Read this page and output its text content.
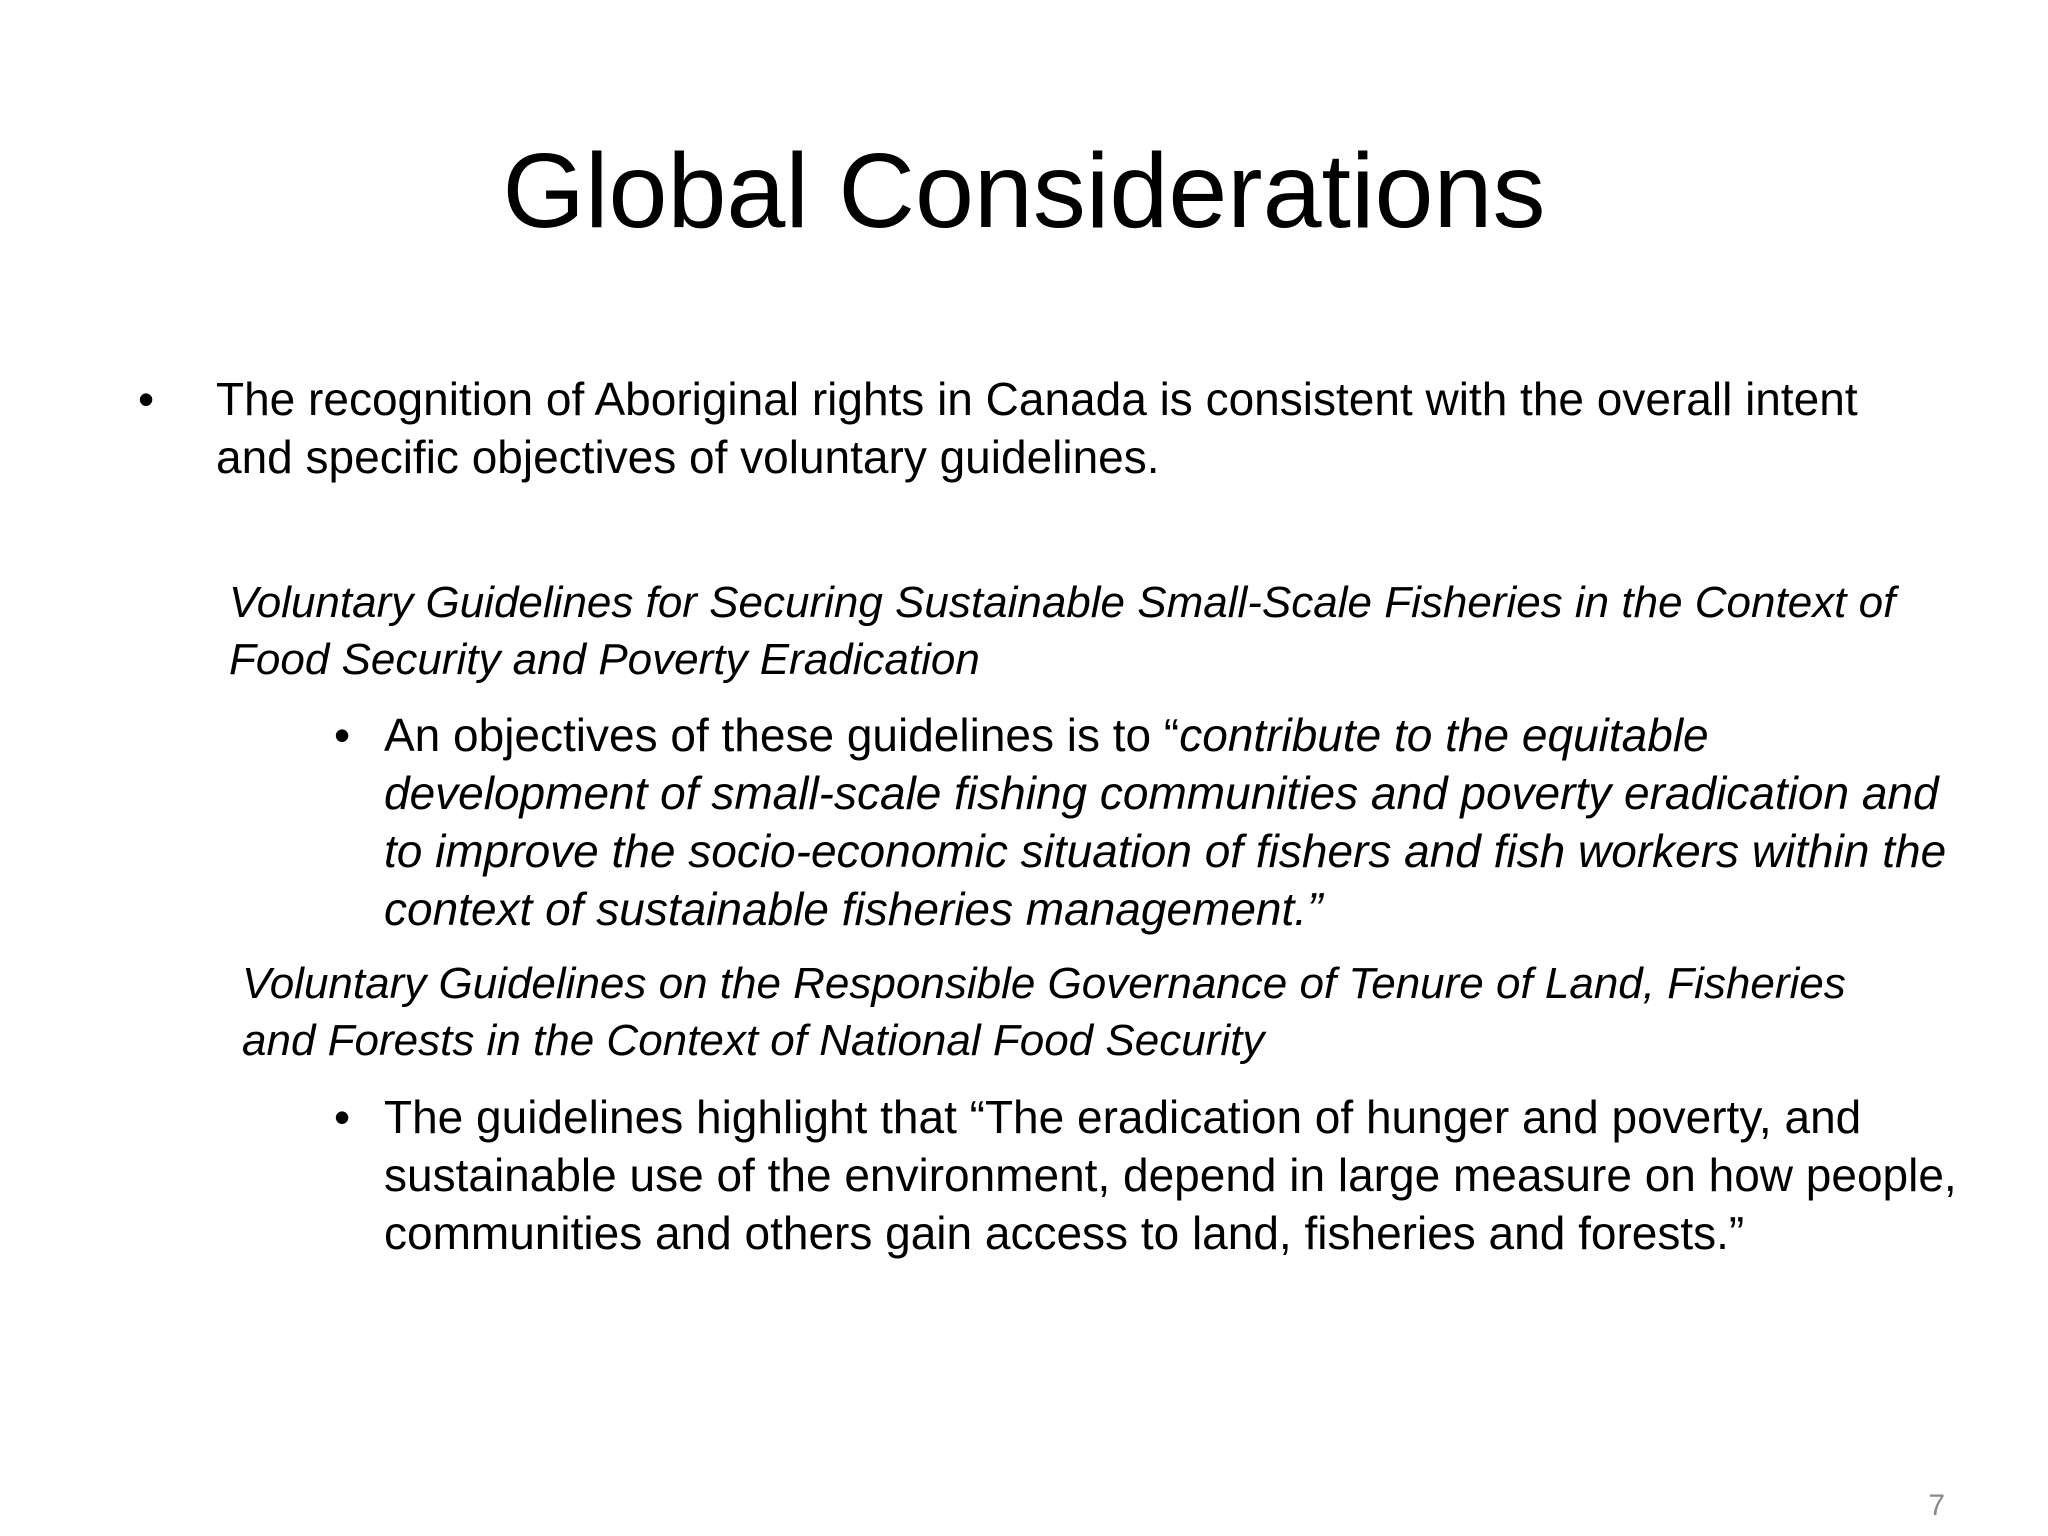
Global Considerations
• The recognition of Aboriginal rights in Canada is consistent with the overall intent and specific objectives of voluntary guidelines.
Voluntary Guidelines for Securing Sustainable Small-Scale Fisheries in the Context of Food Security and Poverty Eradication
• An objectives of these guidelines is to “contribute to the equitable development of small-scale fishing communities and poverty eradication and to improve the socio-economic situation of fishers and fish workers within the context of sustainable fisheries management.”
Voluntary Guidelines on the Responsible Governance of Tenure of Land, Fisheries and Forests in the Context of National Food Security
• The guidelines highlight that “The eradication of hunger and poverty, and sustainable use of the environment, depend in large measure on how people, communities and others gain access to land, fisheries and forests.”
7
